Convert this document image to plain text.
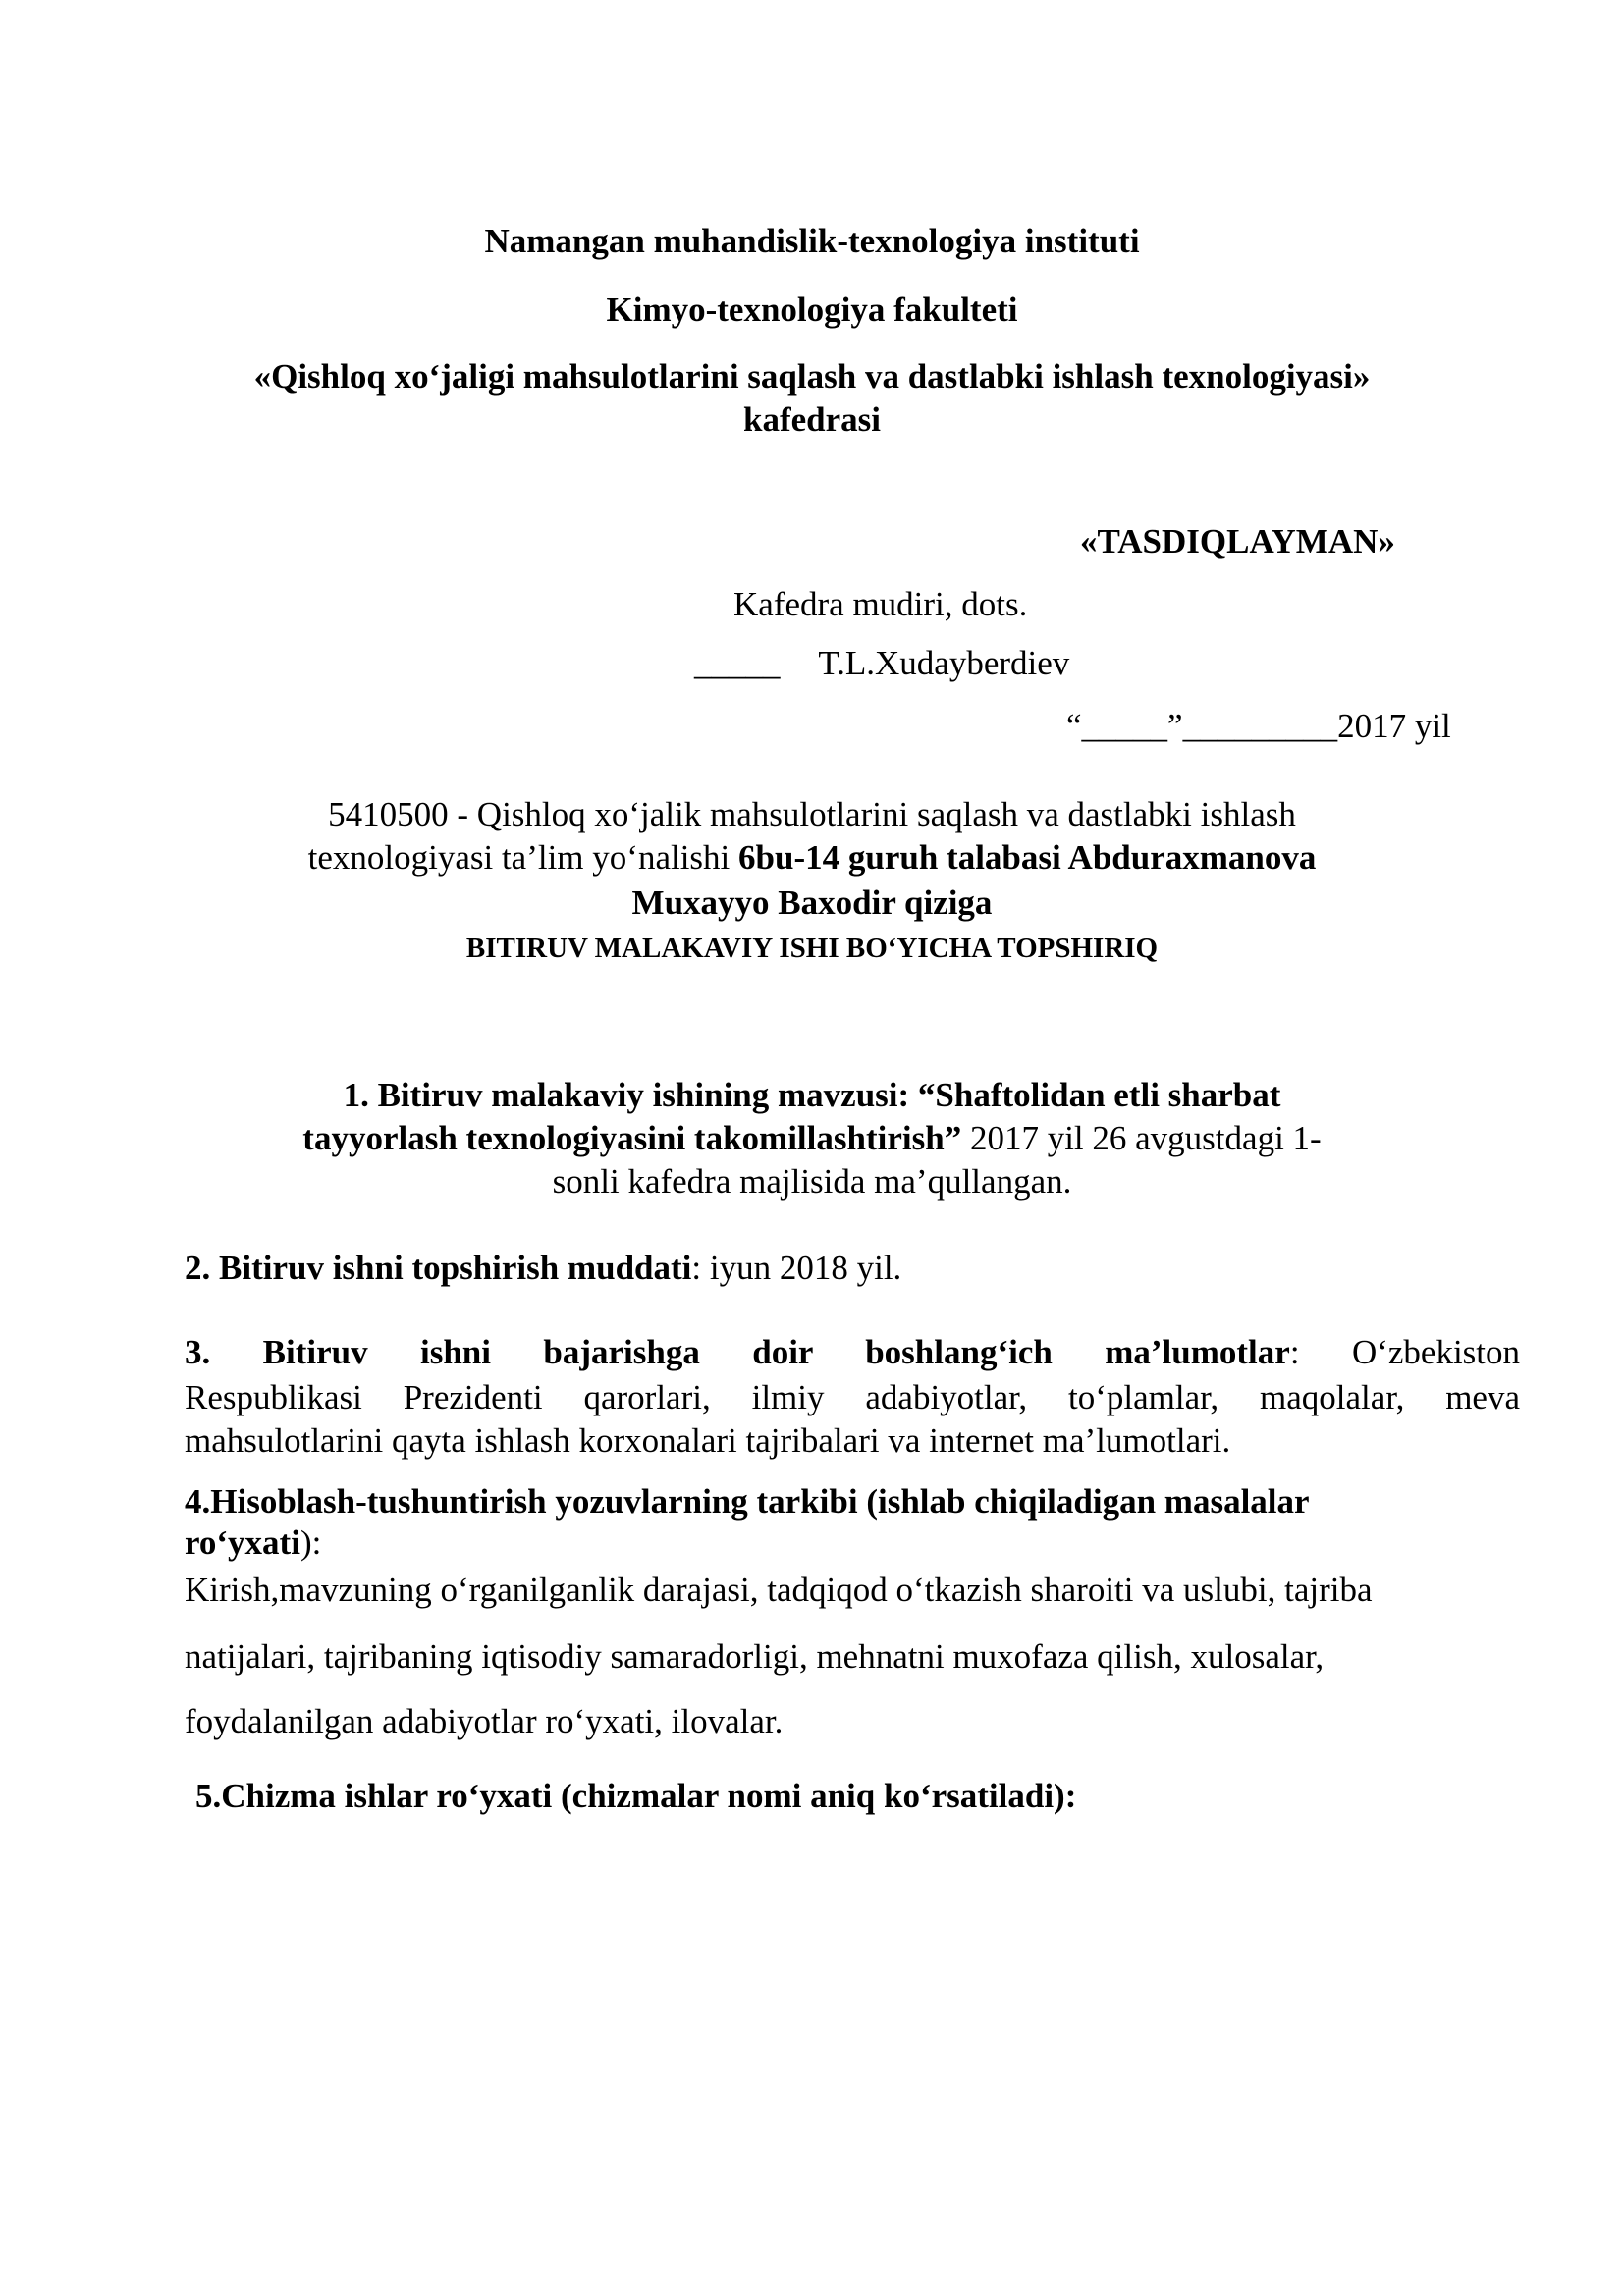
Namangan muhandislik-texnologiya instituti
Kimyo-texnologiya fakulteti
«Qishloq xo‘jaligi mahsulotlarini saqlash va dastlabki ishlash texnologiyasi»
kafedrasi
«TASDIQLAYMAN»
Kafedra mudiri, dots.
_____ T.L.Xudayberdiev
“_____”_________2017 yil
5410500 - Qishloq xo‘jalik mahsulotlarini saqlash va dastlabki ishlash
texnologiyasi ta’lim yo‘nalishi 6bu-14 guruh talabasi Abduraxmanova
Muxayyo Baxodir qiziga
BITIRUV MALAKAVIY ISHI BO‘YICHA TOPSHIRIQ
1. Bitiruv malakaviy ishining mavzusi: “Shaftolidan etli sharbat
tayyorlash texnologiyasini takomillashtirish” 2017 yil 26 avgustdagi 1-
sonli kafedra majlisida ma’qullangan.
2. Bitiruv ishni topshirish muddati: iyun 2018 yil.
3. Bitiruv ishni bajarishga doir boshlang‘ich ma’lumotlar: O‘zbekiston
Respublikasi Prezidenti qarorlari, ilmiy adabiyotlar, to‘plamlar, maqolalar, meva
mahsulotlarini qayta ishlash korxonalari tajribalari va internet ma’lumotlari.
4.Hisoblash-tushuntirish yozuvlarning tarkibi (ishlab chiqiladigan masalalar
ro‘yxati):
Kirish,mavzuning o‘rganilganlik darajasi, tadqiqod o‘tkazish sharoiti va uslubi, tajriba
natijalari, tajribaning iqtisodiy samaradorligi, mehnatni muxofaza qilish, xulosalar,
foydalanilgan adabiyotlar ro‘yxati, ilovalar.
5.Chizma ishlar ro‘yxati (chizmalar nomi aniq ko‘rsatiladi):
